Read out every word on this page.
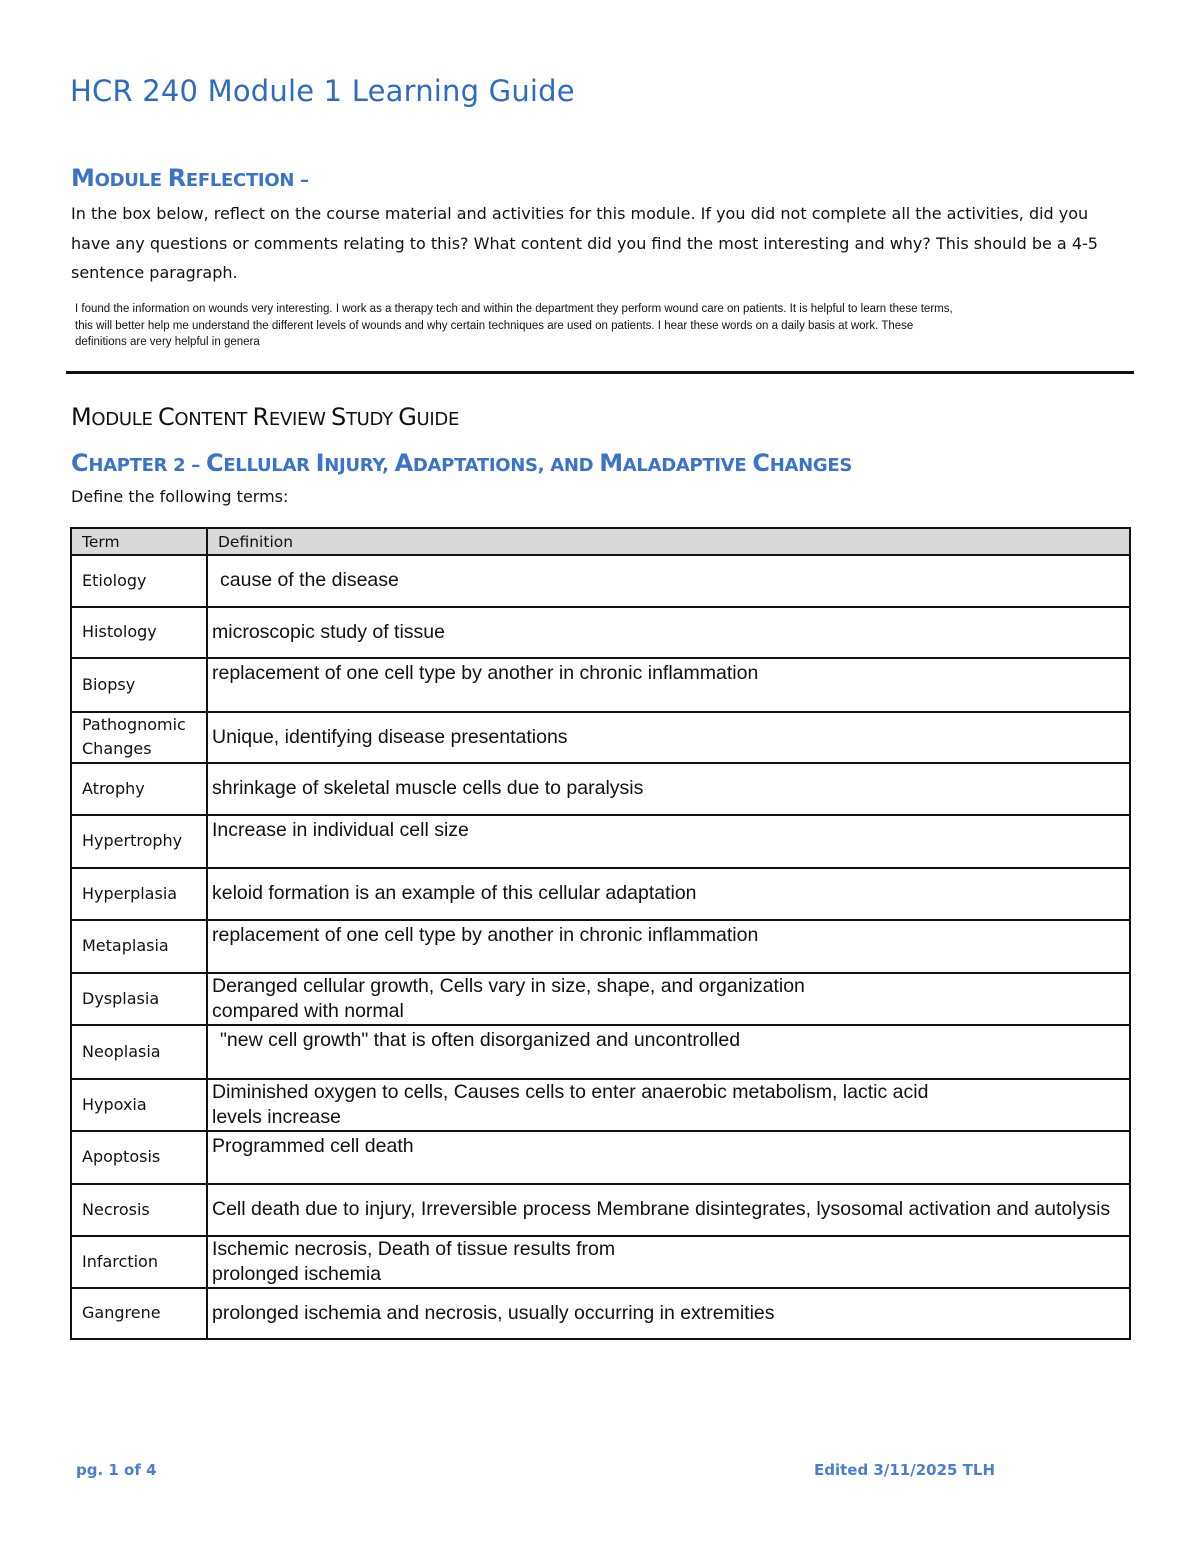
HCR 240 Module 1 Learning Guide
MODULE REFLECTION –
In the box below, reflect on the course material and activities for this module. If you did not complete all the activities, did you have any questions or comments relating to this? What content did you find the most interesting and why? This should be a 4-5 sentence paragraph.
I found the information on wounds very interesting. I work as a therapy tech and within the department they perform wound care on patients. It is helpful to learn these terms, this will better help me understand the different levels of wounds and why certain techniques are used on patients. I hear these words on a daily basis at work. These definitions are very helpful in genera
MODULE CONTENT REVIEW STUDY GUIDE
CHAPTER 2 – CELLULAR INJURY, ADAPTATIONS, AND MALADAPTIVE CHANGES
Define the following terms:
Term	Definition
Etiology	cause of the disease
Histology	microscopic study of tissue
Biopsy	replacement of one cell type by another in chronic inflammation
Pathognomic Changes	Unique, identifying disease presentations
Atrophy	shrinkage of skeletal muscle cells due to paralysis
Hypertrophy	Increase in individual cell size
Hyperplasia	keloid formation is an example of this cellular adaptation
Metaplasia	replacement of one cell type by another in chronic inflammation
Dysplasia	Deranged cellular growth, Cells vary in size, shape, and organization compared with normal
Neoplasia	"new cell growth" that is often disorganized and uncontrolled
Hypoxia	Diminished oxygen to cells, Causes cells to enter anaerobic metabolism, lactic acid levels increase
Apoptosis	Programmed cell death
Necrosis	Cell death due to injury, Irreversible process Membrane disintegrates, lysosomal activation and autolysis
Infarction	Ischemic necrosis, Death of tissue results from prolonged ischemia
Gangrene	prolonged ischemia and necrosis, usually occurring in extremities
pg. 1 of 4	Edited 3/11/2025 TLH
